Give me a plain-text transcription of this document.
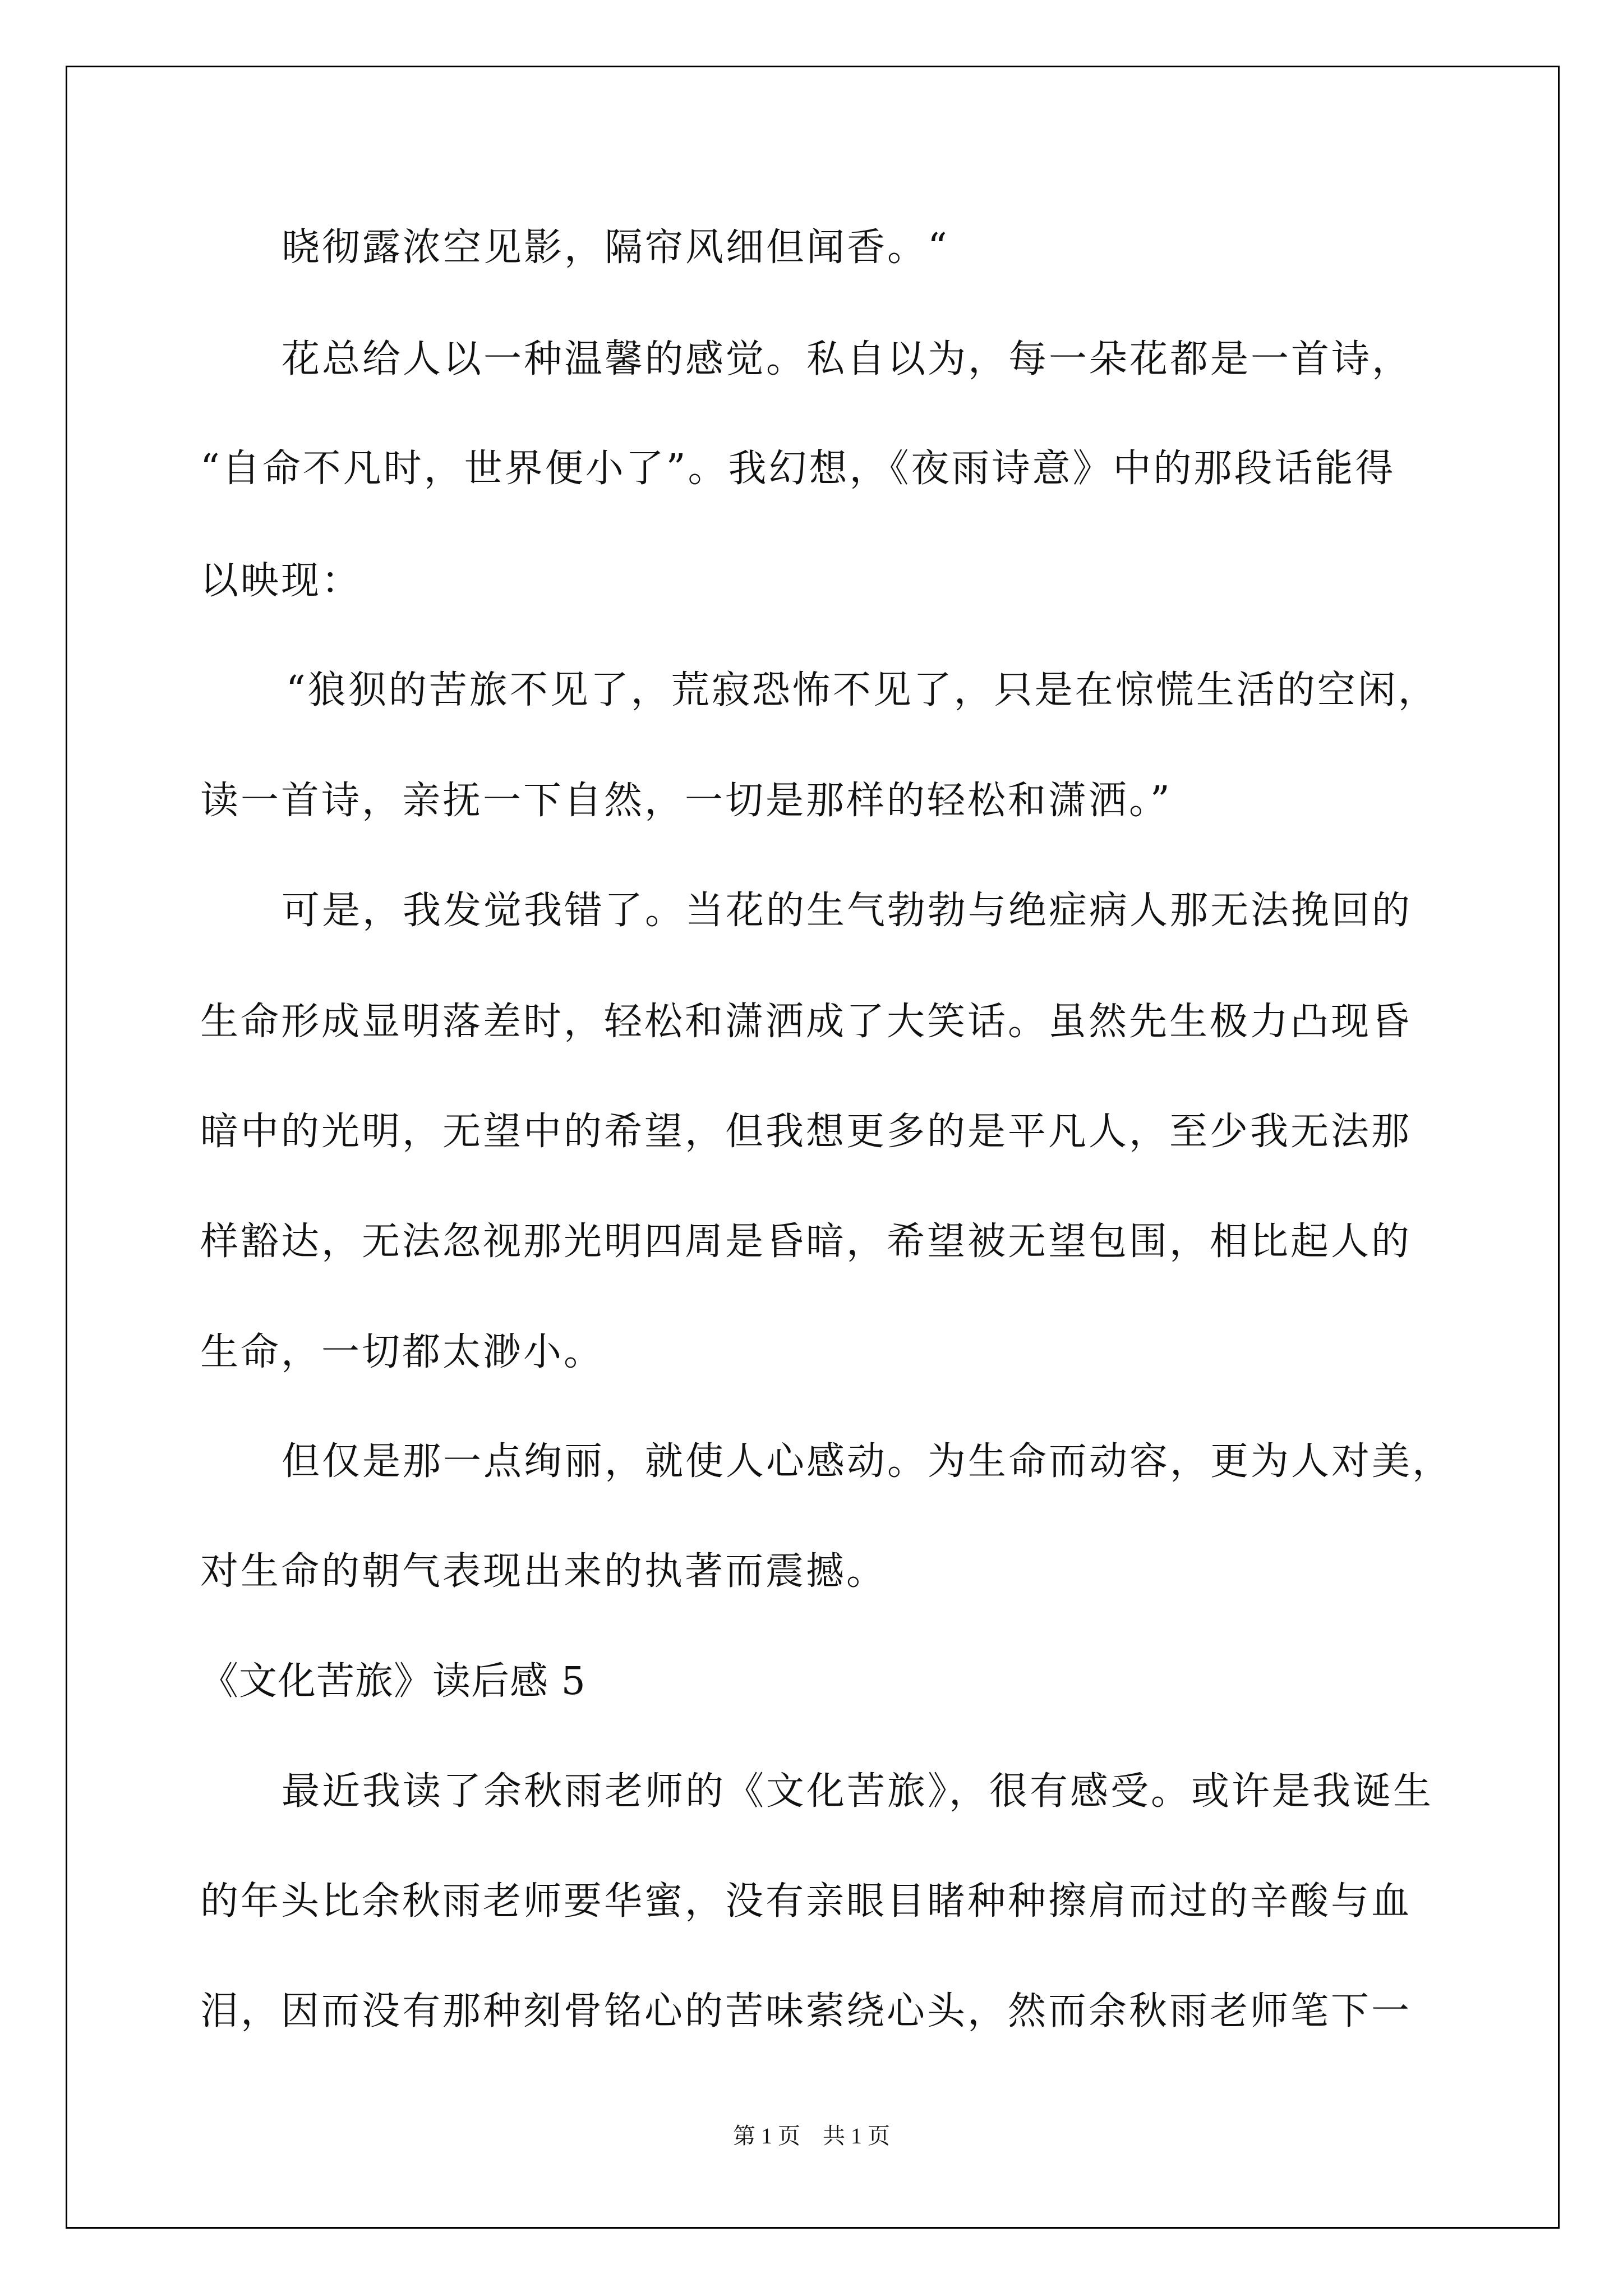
晓彻露浓空见影，隔帘风细但闻香。“
花总给人以一种温馨的感觉。私自以为，每一朵花都是一首诗，
“自命不凡时，世界便小了”。我幻想，《夜雨诗意》中的那段话能得
以映现：
“狼狈的苦旅不见了，荒寂恐怖不见了，只是在惊慌生活的空闲，
读一首诗，亲抚一下自然，一切是那样的轻松和潇洒。”
可是，我发觉我错了。当花的生气勃勃与绝症病人那无法挽回的
生命形成显明落差时，轻松和潇洒成了大笑话。虽然先生极力凸现昏
暗中的光明，无望中的希望，但我想更多的是平凡人，至少我无法那
样豁达，无法忽视那光明四周是昏暗，希望被无望包围，相比起人的
生命，一切都太渺小。
但仅是那一点绚丽，就使人心感动。为生命而动容，更为人对美，
对生命的朝气表现出来的执著而震撼。
《文化苦旅》读后感 5
最近我读了余秋雨老师的《文化苦旅》，很有感受。或许是我诞生
的年头比余秋雨老师要华蜜，没有亲眼目睹种种擦肩而过的辛酸与血
泪，因而没有那种刻骨铭心的苦味萦绕心头，然而余秋雨老师笔下一
第 1 页 共 1 页
